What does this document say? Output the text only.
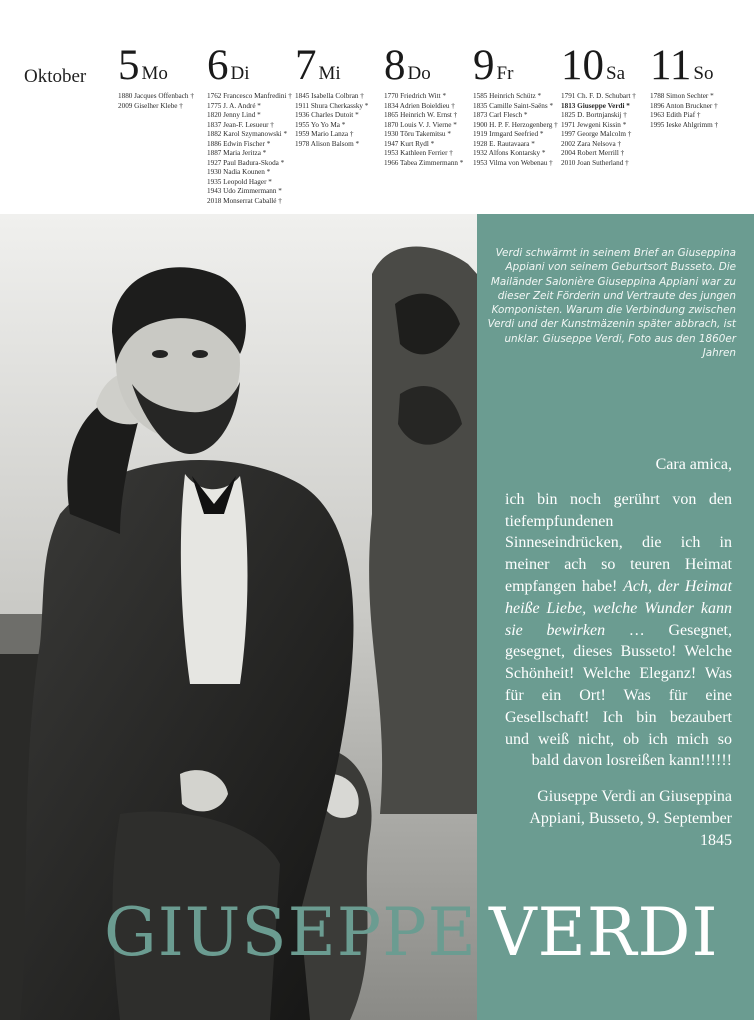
Oktober 5 Mo
1880 Jacques Offenbach †
2009 Giselher Klebe †
6 Di
1762 Francesco Manfredini †
1775 J. A. André *
1820 Jenny Lind *
1837 Jean-F. Lesueur †
1882 Karol Szymanowski *
1886 Edwin Fischer *
1887 Maria Jeritza *
1927 Paul Badura-Skoda *
1930 Nadia Kounen *
1935 Leopold Hager *
1943 Udo Zimmermann *
2018 Monserrat Caballé †
7 Mi
1845 Isabella Colbran †
1911 Shura Cherkassky *
1936 Charles Dutoit *
1955 Yo Yo Ma *
1959 Mario Lanza †
1978 Alison Balsom *
8 Do
1770 Friedrich Witt *
1834 Adrien Boieldieu †
1865 Heinrich W. Ernst †
1870 Louis V. J. Vierne *
1930 Tōru Takemitsu *
1947 Kurt Rydl *
1953 Kathleen Ferrier †
1966 Tabea Zimmermann *
9 Fr
1585 Heinrich Schütz *
1835 Camille Saint-Saëns *
1873 Carl Flesch *
1900 H. P. F. Herzogenberg †
1919 Irmgard Seefried *
1928 E. Rautavaara *
1932 Alfons Kontarsky *
1953 Vilma von Webenau †
10 Sa
1791 Ch. F. D. Schubart †
1813 Giuseppe Verdi *
1825 D. Bortnjanskij †
1971 Jewgeni Kissin *
1997 George Malcolm †
2002 Zara Nelsova †
2004 Robert Merrill †
2010 Joan Sutherland †
11 So
1788 Simon Sechter *
1896 Anton Bruckner †
1963 Edith Piaf †
1995 Ieske Ahlgrimm †
Verdi schwärmt in seinem Brief an Giuseppina Appiani von seinem Geburtsort Busseto. Die Mailänder Salonière Giuseppina Appiani war zu dieser Zeit Förderin und Vertraute des jungen Komponisten. Warum die Verbindung zwischen Verdi und der Kunstmäzenin später abbrach, ist unklar. Giuseppe Verdi, Foto aus den 1860er Jahren
Cara amica,
ich bin noch gerührt von den tiefempfundenen Sinneseindrücken, die ich in meiner ach so teuren Heimat empfangen habe! Ach, der Heimat heiße Liebe, welche Wunder kann sie bewirken … Gesegnet, gesegnet, dieses Busseto! Welche Schönheit! Welche Eleganz! Was für ein Ort! Was für eine Gesellschaft! Ich bin bezaubert und weiß nicht, ob ich mich so bald davon losreißen kann!!!!!!
Giuseppe Verdi an Giuseppina Appiani, Busseto, 9. September 1845
GIUSEPPE VERDI
